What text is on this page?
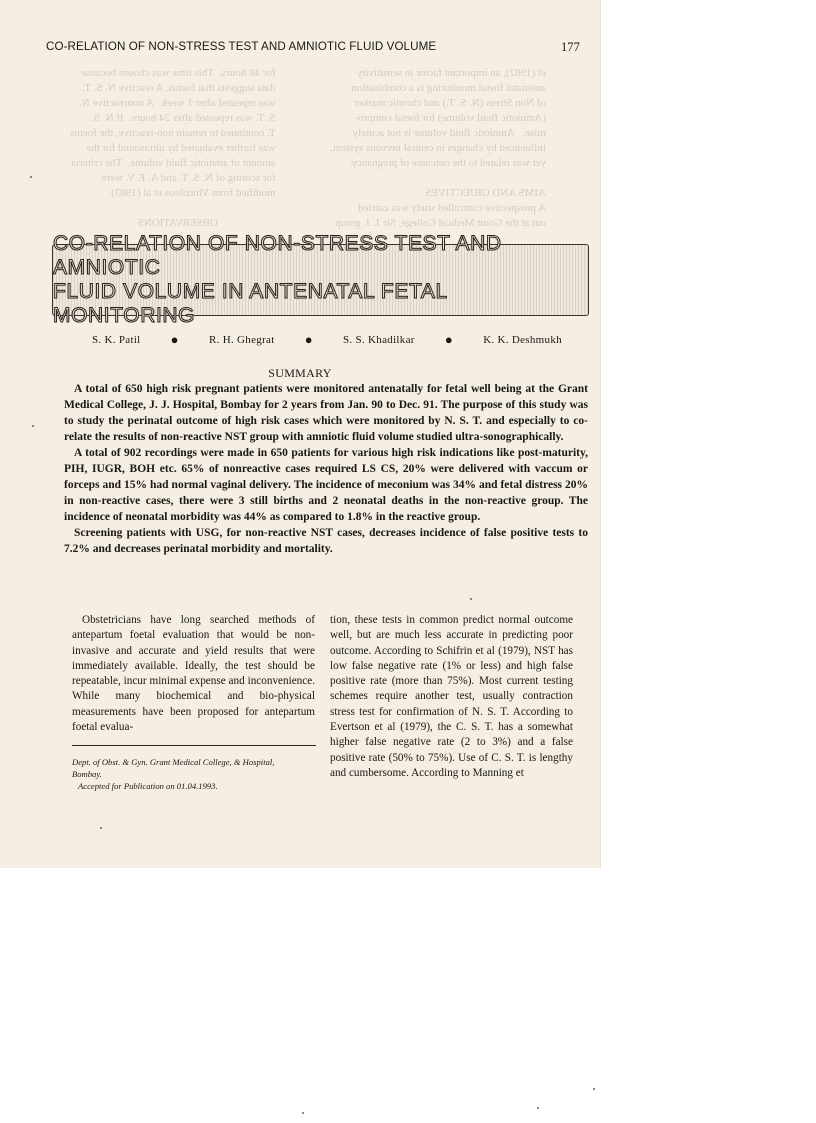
el (1982), an important factor in sensitivity
antenatal foetal monitoring is a combination
of Non Stress (N. S. T.) and chronic marker
(Amniotic fluid volume) for foetal compro-
mise.   Amniotic fluid volume is not acutely
influenced by changes in central nervous system,
yet was related to the outcome of pregnancy.

AIMS AND OBJECTIVES
A prospective controlled study was carried
out at the Grant Medical College, Sir J. J. group
for 48 hours.  This time was chosen because
data suggests that foetus. A reactive N. S. T.
was repeated after 1 week.  A nonreactive N.
S. T. was repeated after 24 hours.  If N. S.
T. continued to remain non-reactive, the foetus
was further evaluated by ultrasound for the
amount of amniotic fluid volume.  The criteria
for scoring of N. S. T. and A. F. V. were
modified from Vintzileos et al (1983).

OBSERVATIONS
CO-RELATION OF NON-STRESS TEST AND AMNIOTIC FLUID VOLUME	177
CO-RELATION OF NON-STRESS TEST AND AMNIOTIC
FLUID VOLUME IN ANTENATAL FETAL MONITORING
S. K. Patil ●	R. H. Ghegrat ●	S. S. Khadilkar ●	K. K. Deshmukh
SUMMARY

A total of 650 high risk pregnant patients were monitored antenatally for fetal well being at the Grant Medical College, J. J. Hospital, Bombay for 2 years from Jan. 90 to Dec. 91. The purpose of this study was to study the perinatal outcome of high risk cases which were monitored by N. S. T. and especially to co-relate the results of non-reactive NST group with amniotic fluid volume studied ultra-sonographically.

A total of 902 recordings were made in 650 patients for various high risk indications like post-maturity, PIH, IUGR, BOH etc. 65% of nonreactive cases required LS CS, 20% were delivered with vaccum or forceps and 15% had normal vaginal delivery. The incidence of meconium was 34% and fetal distress 20% in non-reactive cases, there were 3 still births and 2 neonatal deaths in the non-reactive group. The incidence of neonatal morbidity was 44% as compared to 1.8% in the reactive group.

Screening patients with USG, for non-reactive NST cases, decreases incidence of false positive tests to 7.2% and decreases perinatal morbidity and mortality.

Obstetricians have long searched methods of antepartum foetal evaluation that would be non-invasive and accurate and yield results that were immediately available. Ideally, the test should be repeatable, incur minimal expense and inconvenience. While many biochemical and bio-physical measurements have been proposed for antepartum foetal evalua-

tion, these tests in common predict normal outcome well, but are much less accurate in predicting poor outcome. According to Schifrin et al (1979), NST has low false negative rate (1% or less) and high false positive rate (more than 75%). Most current testing schemes require another test, usually contraction stress test for confirmation of N. S. T. According to Evertson et al (1979), the C. S. T. has a somewhat higher false negative rate (2 to 3%) and a false positive rate (50% to 75%). Use of C. S. T. is lengthy and cumbersome. According to Manning et

Dept. of Obst. & Gyn. Grant Medical College, & Hospital,
Bombay.
Accepted for Publication on 01.04.1993.
